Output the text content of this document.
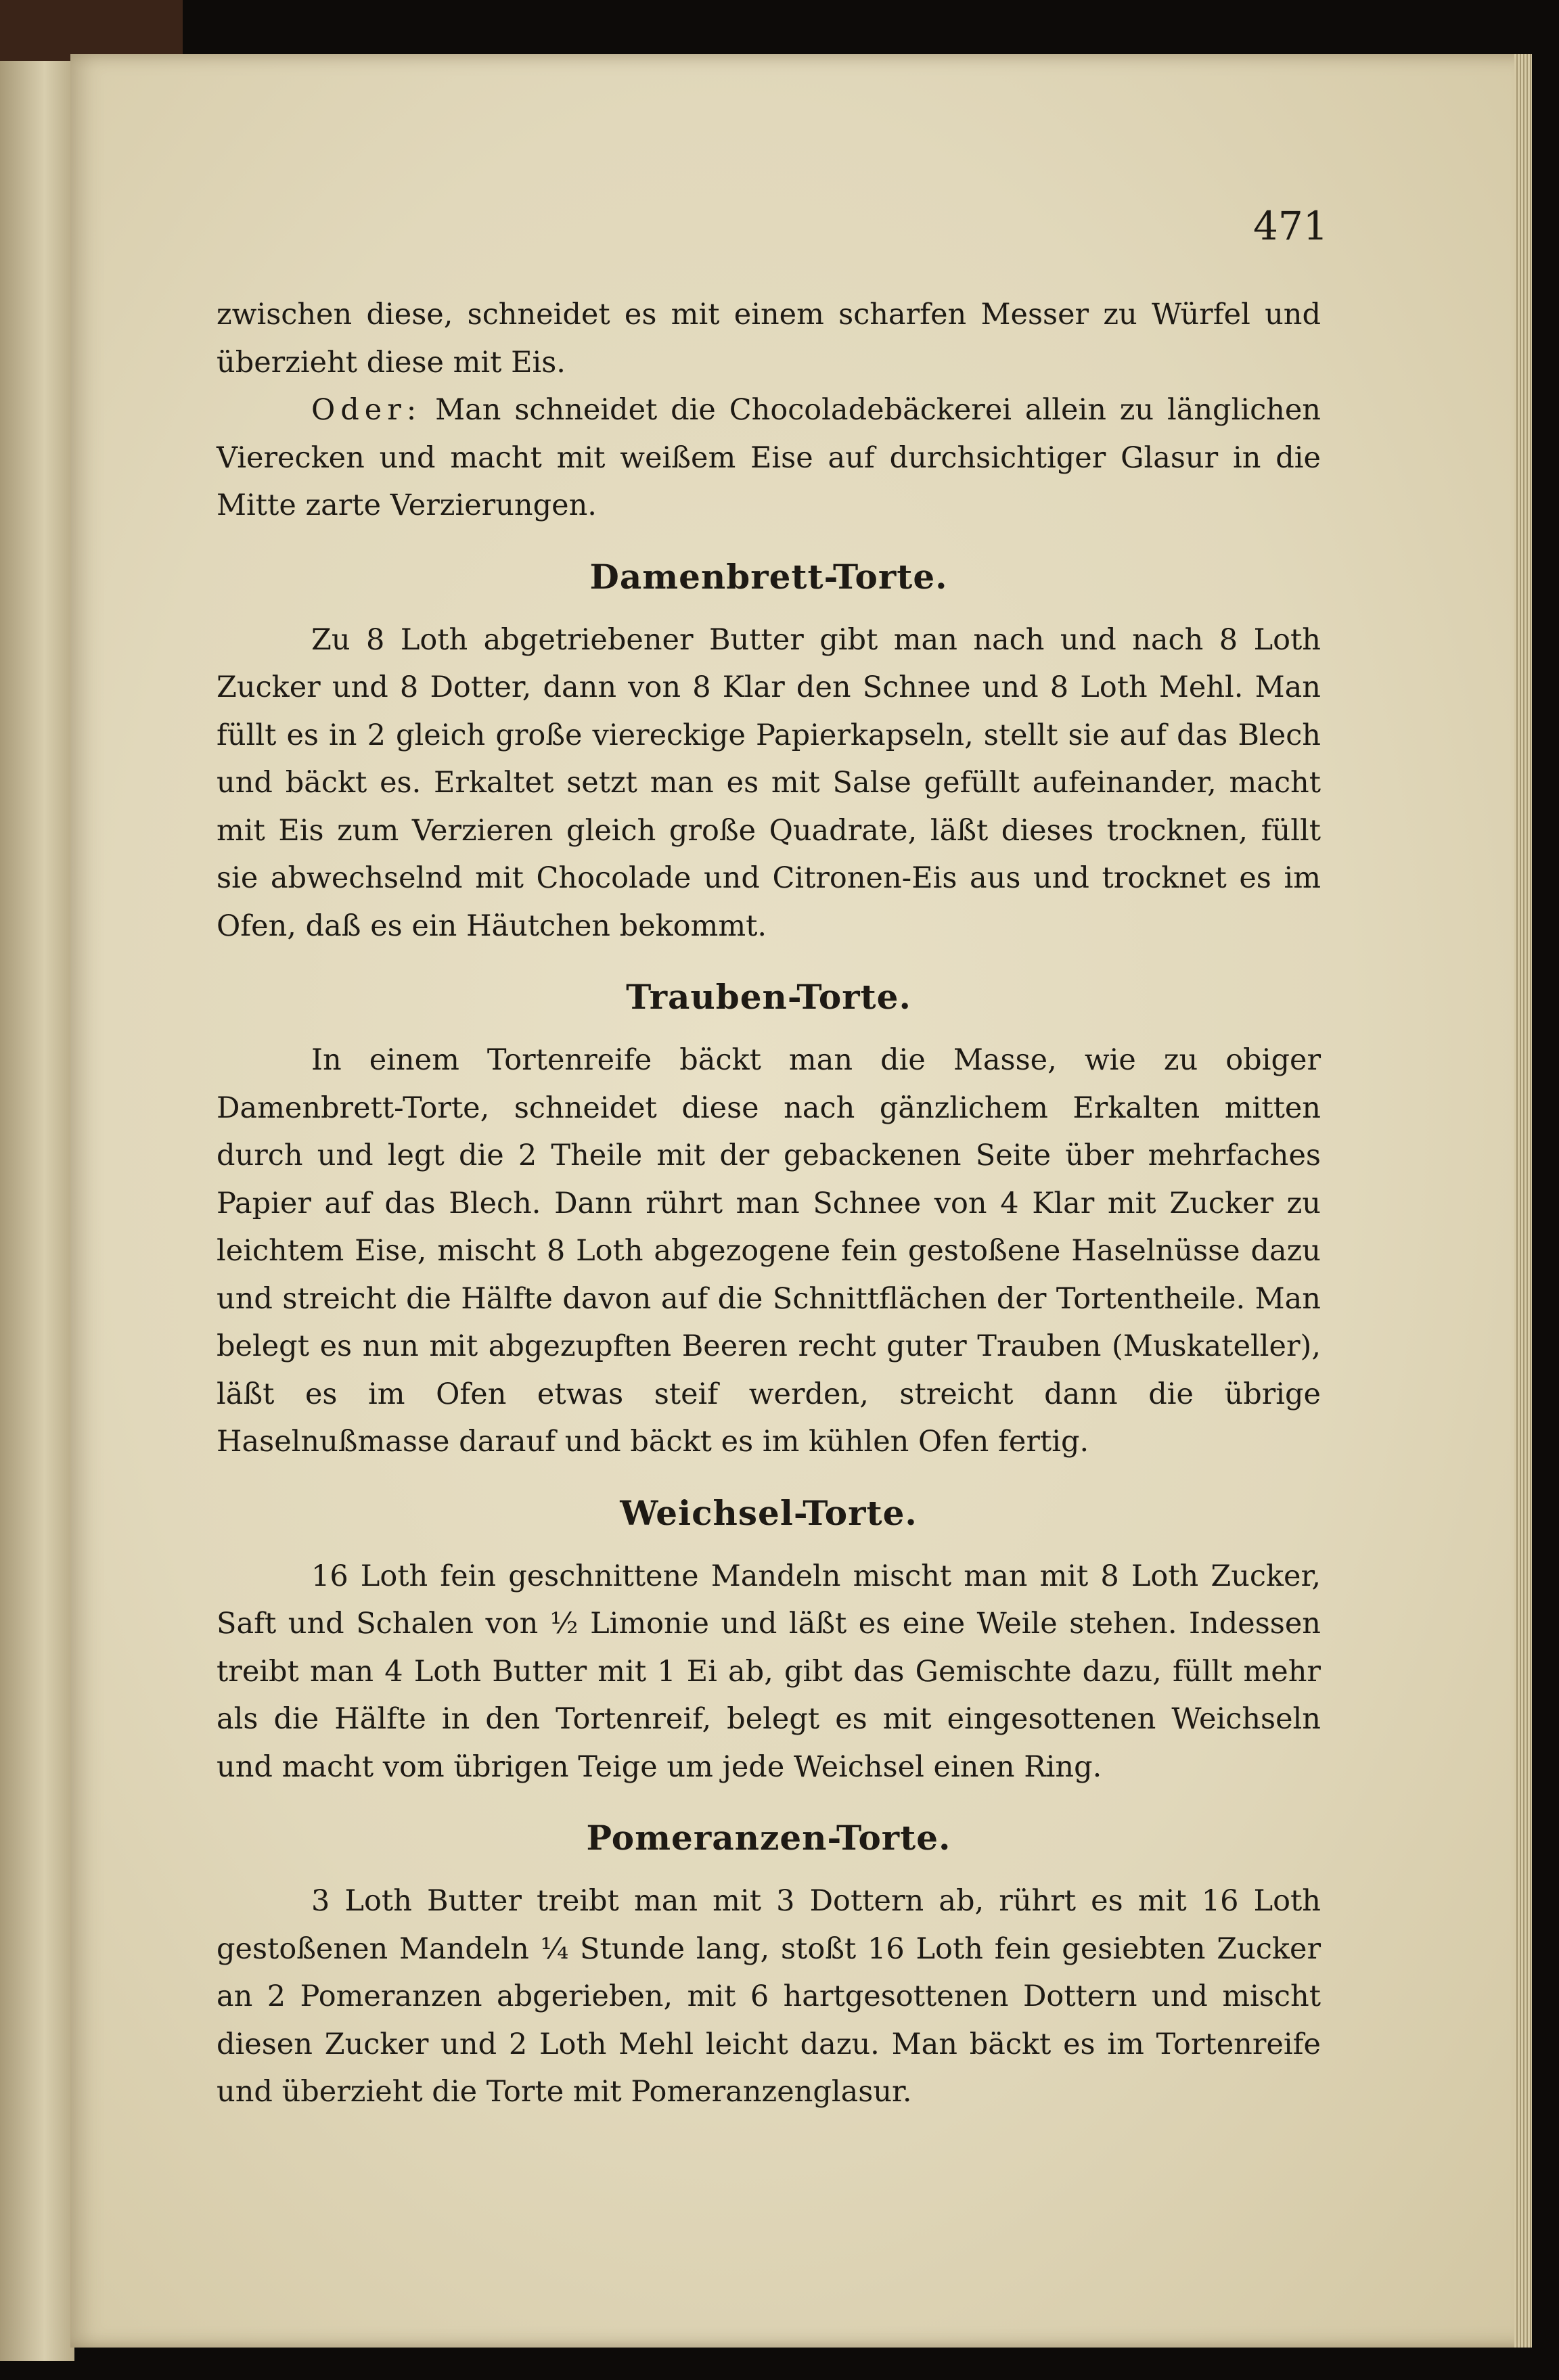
471

zwischen diese, schneidet es mit einem scharfen Messer zu Würfel und überzieht diese mit Eis.

Oder: Man schneidet die Chocoladebäckerei allein zu länglichen Vierecken und macht mit weißem Eise auf durchsichtiger Glasur in die Mitte zarte Verzierungen.

Damenbrett-Torte.

Zu 8 Loth abgetriebener Butter gibt man nach und nach 8 Loth Zucker und 8 Dotter, dann von 8 Klar den Schnee und 8 Loth Mehl. Man füllt es in 2 gleich große viereckige Papierkapseln, stellt sie auf das Blech und bäckt es. Erkaltet setzt man es mit Salse gefüllt aufeinander, macht mit Eis zum Verzieren gleich große Quadrate, läßt dieses trocknen, füllt sie abwechselnd mit Chocolade und Citronen-Eis aus und trocknet es im Ofen, daß es ein Häutchen bekommt.

Trauben-Torte.

In einem Tortenreife bäckt man die Masse, wie zu obiger Damenbrett-Torte, schneidet diese nach gänzlichem Erkalten mitten durch und legt die 2 Theile mit der gebackenen Seite über mehrfaches Papier auf das Blech. Dann rührt man Schnee von 4 Klar mit Zucker zu leichtem Eise, mischt 8 Loth abgezogene fein gestoßene Haselnüsse dazu und streicht die Hälfte davon auf die Schnittflächen der Tortentheile. Man belegt es nun mit abgezupften Beeren recht guter Trauben (Muskateller), läßt es im Ofen etwas steif werden, streicht dann die übrige Haselnußmasse darauf und bäckt es im kühlen Ofen fertig.

Weichsel-Torte.

16 Loth fein geschnittene Mandeln mischt man mit 8 Loth Zucker, Saft und Schalen von ½ Limonie und läßt es eine Weile stehen. Indessen treibt man 4 Loth Butter mit 1 Ei ab, gibt das Gemischte dazu, füllt mehr als die Hälfte in den Tortenreif, belegt es mit eingesottenen Weichseln und macht vom übrigen Teige um jede Weichsel einen Ring.

Pomeranzen-Torte.

3 Loth Butter treibt man mit 3 Dottern ab, rührt es mit 16 Loth gestoßenen Mandeln ¼ Stunde lang, stoßt 16 Loth fein gesiebten Zucker an 2 Pomeranzen abgerieben, mit 6 hartgesottenen Dottern und mischt diesen Zucker und 2 Loth Mehl leicht dazu. Man bäckt es im Tortenreife und überzieht die Torte mit Pomeranzenglasur.
